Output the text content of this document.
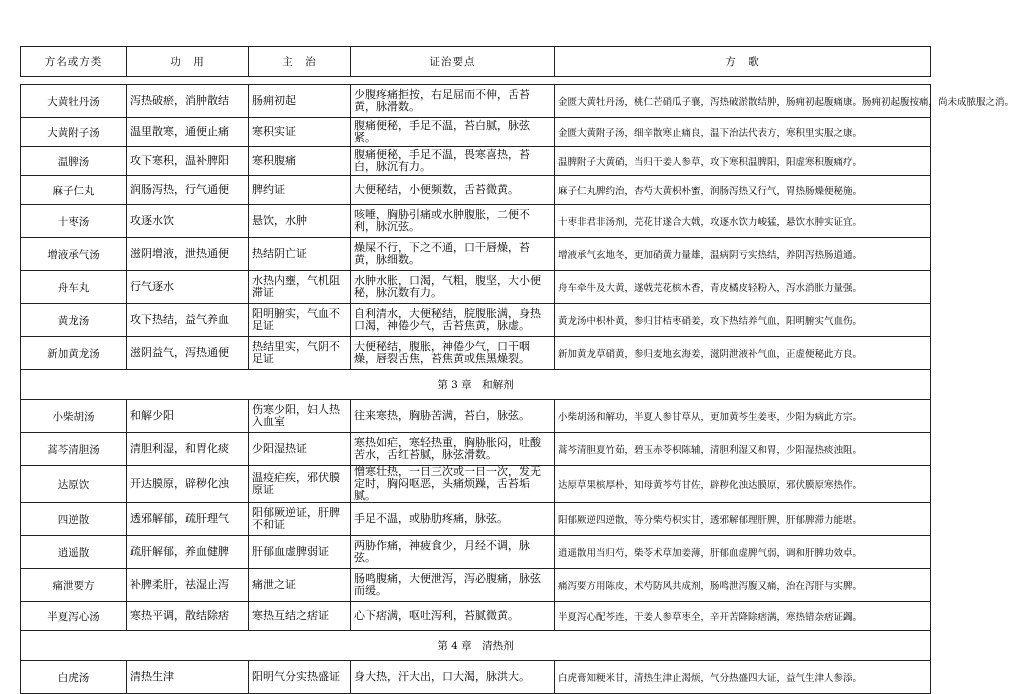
方名或方类	功　用	主　治	证治要点	方　歌
大黄牡丹汤	泻热破瘀，消肿散结	肠痈初起	少腹疼痛拒按，右足屈而不伸，舌苔黄，脉滑数。	金匮大黄牡丹汤，桃仁芒硝瓜子襄，泻热破淤散结肿，肠痈初起腹痛康。肠痈初起腹按痛，尚未成脓服之消。
大黄附子汤	温里散寒，通便止痛	寒积实证	腹痛便秘，手足不温，苔白腻，脉弦紧。	金匮大黄附子汤，细辛散寒止痛良，温下治法代表方，寒积里实服之康。
温脾汤	攻下寒积，温补脾阳	寒积腹痛	腹痛便秘，手足不温，畏寒喜热，苔白，脉沉有力。	温脾附子大黄硝，当归干姜人参草，攻下寒积温脾阳，阳虚寒积腹痛疗。
麻子仁丸	润肠泻热，行气通便	脾约证	大便秘结，小便频数，舌苔微黄。	麻子仁丸脾约治，杏芍大黄枳朴蜜，润肠泻热又行气，胃热肠燥便秘施。
十枣汤	攻逐水饮	悬饮，水肿	咳唾，胸胁引痛或水肿腹胀，二便不利，脉沉弦。	十枣非君非汤剂，芫花甘遂合大戟，攻逐水饮力峻猛，悬饮水肿实证宜。
增液承气汤	滋阴增液，泄热通便	热结阴亡证	燥屎不行，下之不通，口干唇燥，苔黄，脉细数。	增液承气玄地冬，更加硝黄力量雄，温病阴亏实热结，养阴泻热肠道通。
舟车丸	行气逐水	水热内壅，气机阻滞证	水肿水胀，口渴，气粗，腹坚，大小便秘，脉沉数有力。	舟车牵牛及大黄，遂戟芫花槟木香，青皮橘皮轻粉入，泻水消胀力量强。
黄龙汤	攻下热结，益气养血	阳明腑实，气血不足证	自利清水，大便秘结，脘腹胀满，身热口渴，神倦少气，舌苔焦黄，脉虚。	黄龙汤中枳朴黄，参归甘桔枣硝姜，攻下热结养气血，阳明腑实气血伤。
新加黄龙汤	滋阴益气，泻热通便	热结里实，气阴不足证	大便秘结，腹胀，神倦少气，口干咽燥，唇裂舌焦，苔焦黄或焦黑燥裂。	新加黄龙草硝黄，参归麦地玄海姜，滋阴泄液补气血，正虚便秘此方良。
第 3 章　和解剂				
小柴胡汤	和解少阳	伤寒少阳，妇人热入血室	往来寒热，胸胁苦满，苔白，脉弦。	小柴胡汤和解功，半夏人参甘草从，更加黄芩生姜枣，少阳为病此方宗。
蒿芩清胆汤	清胆利湿，和胃化痰	少阳湿热证	寒热如疟，寒轻热重，胸胁胀闷，吐酸苦水，舌红苔腻，脉弦滑数。	蒿芩清胆夏竹茹，碧玉赤苓枳陈辅，清胆利湿又和胃，少阳湿热痰浊阻。
达原饮	开达膜原，辟秽化浊	温疫疟疾，邪伏膜原证	憎寒壮热，一日三次或一日一次，发无定时，胸闷呕恶，头痛烦躁，舌苔垢腻。	达原草果槟厚朴，知母黄芩芍甘佐，辟秽化浊达膜原，邪伏膜原寒热作。
四逆散	透邪解郁，疏肝理气	阳郁厥逆证，肝脾不和证	手足不温，或胁肋疼痛，脉弦。	阳郁厥逆四逆散，等分柴芍枳实甘，透邪解郁理肝脾，肝郁脾滞力能堪。
逍遥散	疏肝解郁，养血健脾	肝郁血虚脾弱证	两胁作痛，神疲食少，月经不调，脉弦。	逍遥散用当归芍，柴苓术草加姜薄，肝郁血虚脾气弱，调和肝脾功效卓。
痛泄要方	补脾柔肝，祛湿止泻	痛泄之证	肠鸣腹痛，大便泄泻，泻必腹痛，脉弦而缓。	痛泻要方用陈皮，术芍防风共成剂，肠鸣泄泻腹又痛，治在泻肝与实脾。
半夏泻心汤	寒热平调，散结除痞	寒热互结之痞证	心下痞满，呕吐泻利，苔腻微黄。	半夏泻心配芩连，干姜人参草枣全，辛开苦降除痞满，寒热错杂痞证蠲。
第 4 章　清热剂				
白虎汤	清热生津	阳明气分实热盛证	身大热，汗大出，口大渴，脉洪大。	白虎膏知粳米甘，清热生津止渴烦，气分热盛四大证，益气生津人参添。
